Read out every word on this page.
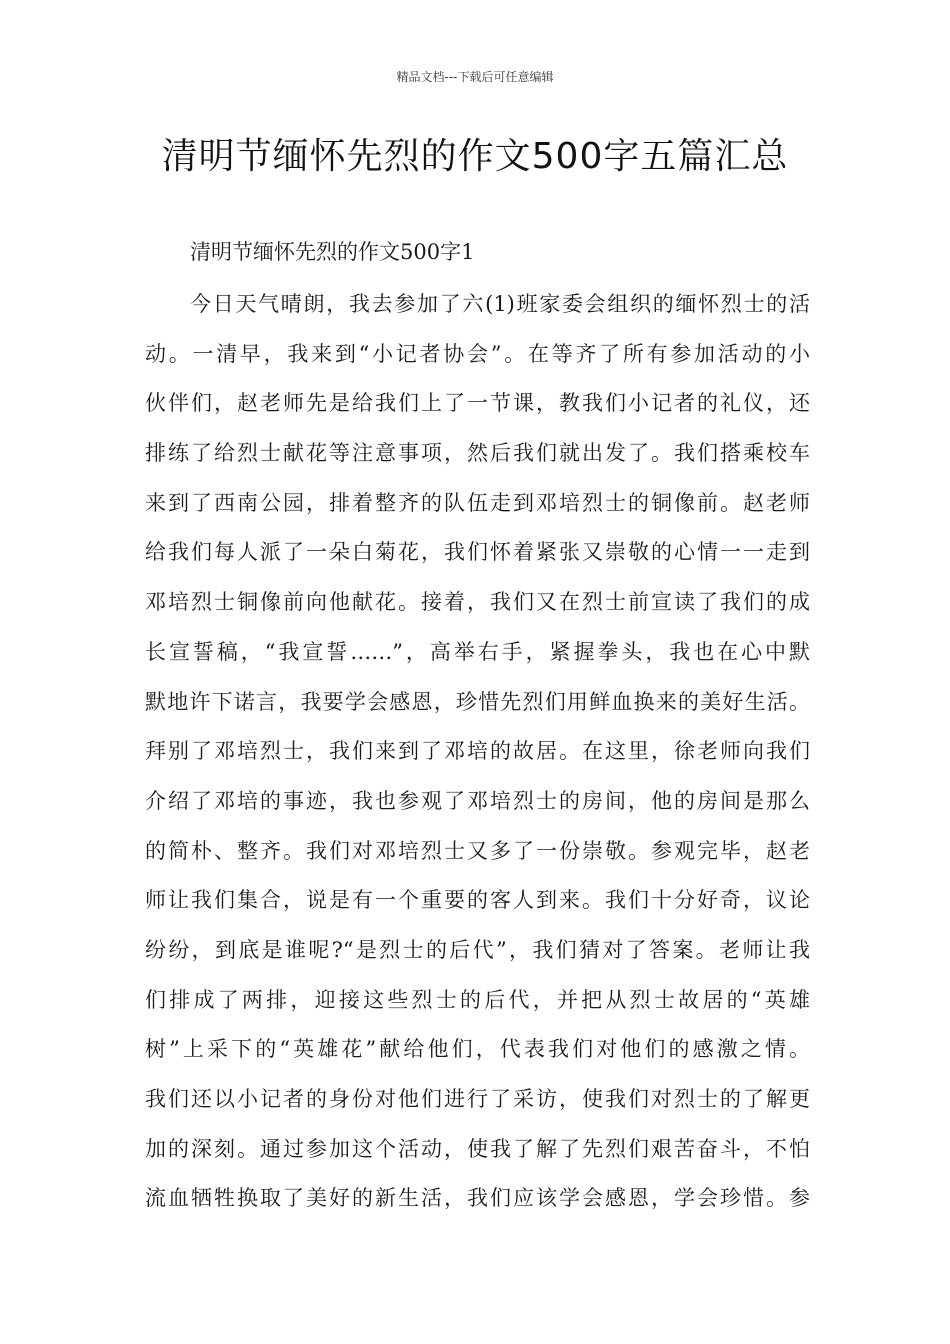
精品文档---下载后可任意编辑
清明节缅怀先烈的作文500字五篇汇总
清明节缅怀先烈的作文500字1
今日天气晴朗，我去参加了六(1)班家委会组织的缅怀烈士的活
动。一清早，我来到“小记者协会”。在等齐了所有参加活动的小
伙伴们，赵老师先是给我们上了一节课，教我们小记者的礼仪，还
排练了给烈士献花等注意事项，然后我们就出发了。我们搭乘校车
来到了西南公园，排着整齐的队伍走到邓培烈士的铜像前。赵老师
给我们每人派了一朵白菊花，我们怀着紧张又崇敬的心情一一走到
邓培烈士铜像前向他献花。接着，我们又在烈士前宣读了我们的成
长宣誓稿，“我宣誓……”，高举右手，紧握拳头，我也在心中默
默地许下诺言，我要学会感恩，珍惜先烈们用鲜血换来的美好生活。
拜别了邓培烈士，我们来到了邓培的故居。在这里，徐老师向我们
介绍了邓培的事迹，我也参观了邓培烈士的房间，他的房间是那么
的简朴、整齐。我们对邓培烈士又多了一份崇敬。参观完毕，赵老
师让我们集合，说是有一个重要的客人到来。我们十分好奇，议论
纷纷，到底是谁呢?“是烈士的后代”，我们猜对了答案。老师让我
们排成了两排，迎接这些烈士的后代，并把从烈士故居的“英雄
树”上采下的“英雄花”献给他们，代表我们对他们的感激之情。
我们还以小记者的身份对他们进行了采访，使我们对烈士的了解更
加的深刻。通过参加这个活动，使我了解了先烈们艰苦奋斗，不怕
流血牺牲换取了美好的新生活，我们应该学会感恩，学会珍惜。参
